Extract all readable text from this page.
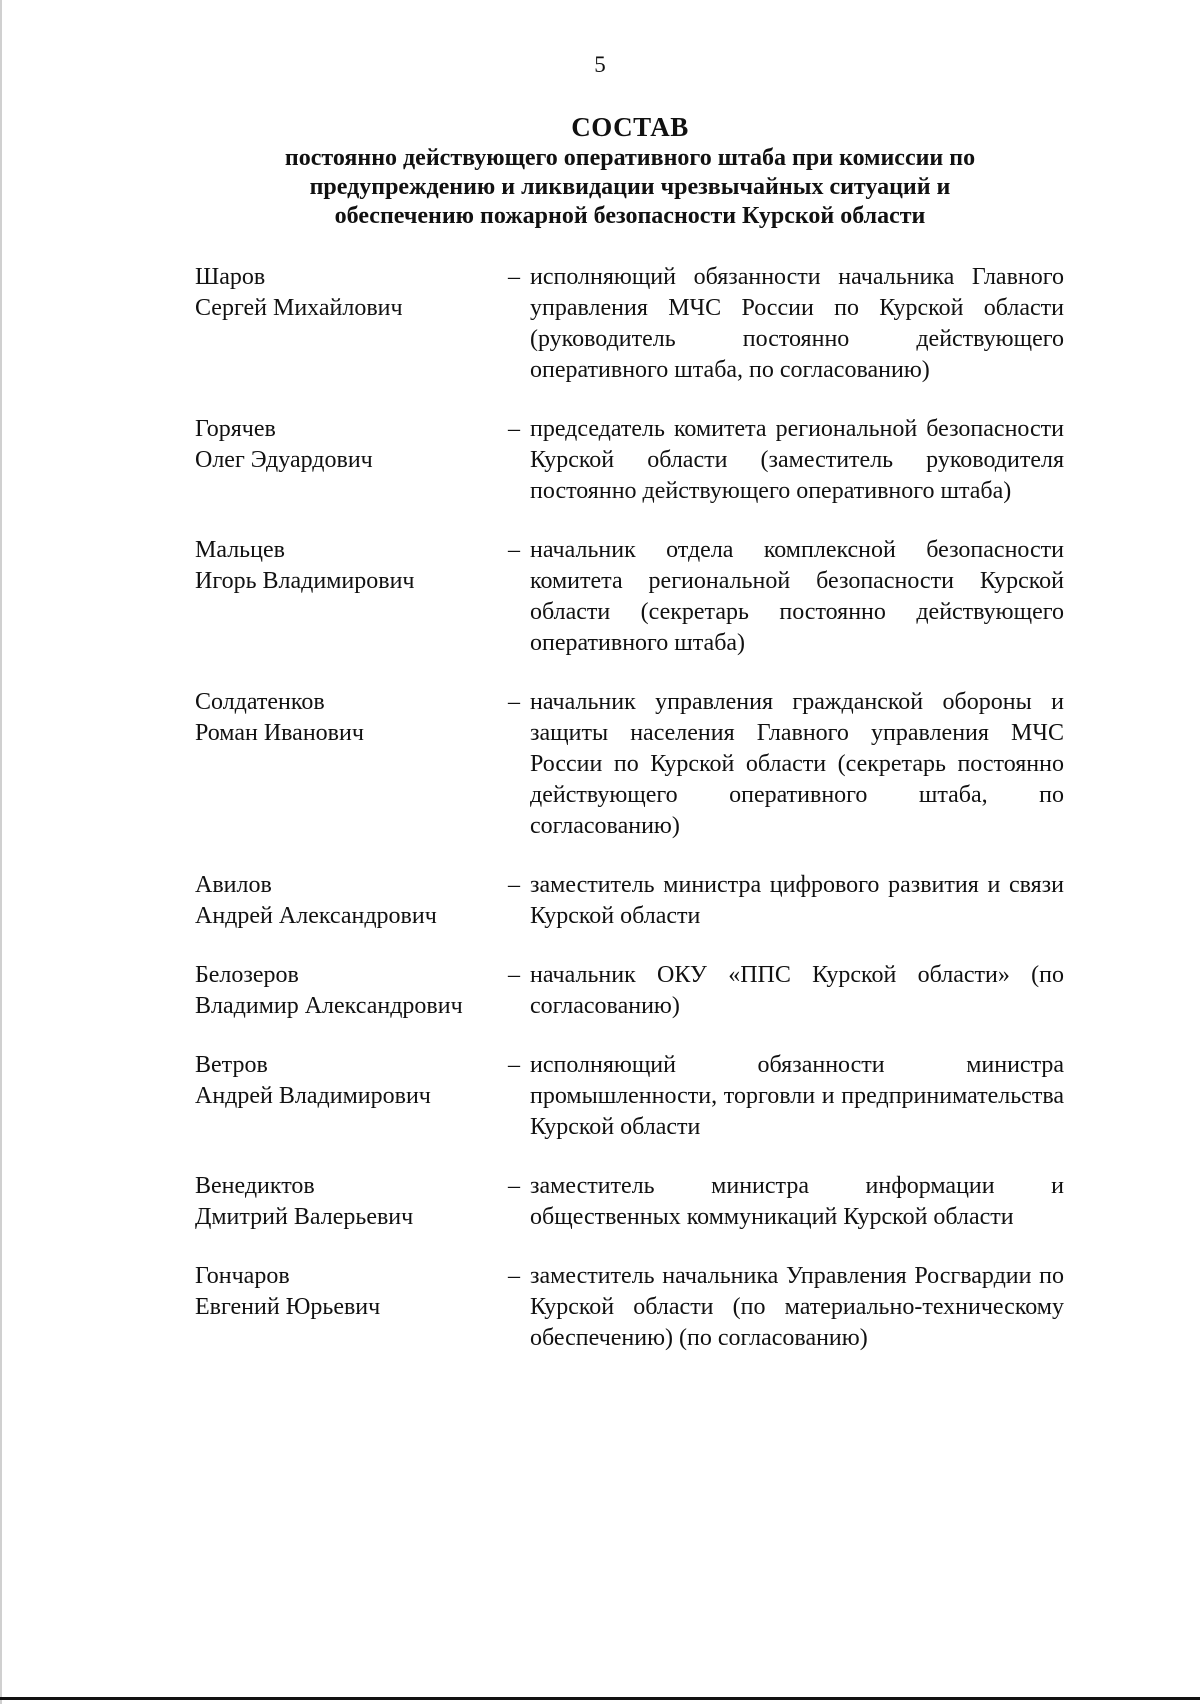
5
СОСТАВ
постоянно действующего оперативного штаба при комиссии по
предупреждению и ликвидации чрезвычайных ситуаций и
обеспечению пожарной безопасности Курской области
Шаров
Сергей Михайлович
– исполняющий обязанности начальника Главного управления МЧС России по Курской области (руководитель постоянно действующего оперативного штаба, по согласованию)
Горячев
Олег Эдуардович
– председатель комитета региональной безопасности Курской области (заместитель руководителя постоянно действующего оперативного штаба)
Мальцев
Игорь Владимирович
– начальник отдела комплексной безопасности комитета региональной безопасности Курской области (секретарь постоянно действующего оперативного штаба)
Солдатенков
Роман Иванович
– начальник управления гражданской обороны и защиты населения Главного управления МЧС России по Курской области (секретарь постоянно действующего оперативного штаба, по согласованию)
Авилов
Андрей Александрович
– заместитель министра цифрового развития и связи Курской области
Белозеров
Владимир Александрович
– начальник ОКУ «ППС Курской области» (по согласованию)
Ветров
Андрей Владимирович
– исполняющий обязанности министра промышленности, торговли и предпринимательства Курской области
Венедиктов
Дмитрий Валерьевич
– заместитель министра информации и общественных коммуникаций Курской области
Гончаров
Евгений Юрьевич
– заместитель начальника Управления Росгвардии по Курской области (по материально-техническому обеспечению) (по согласованию)
